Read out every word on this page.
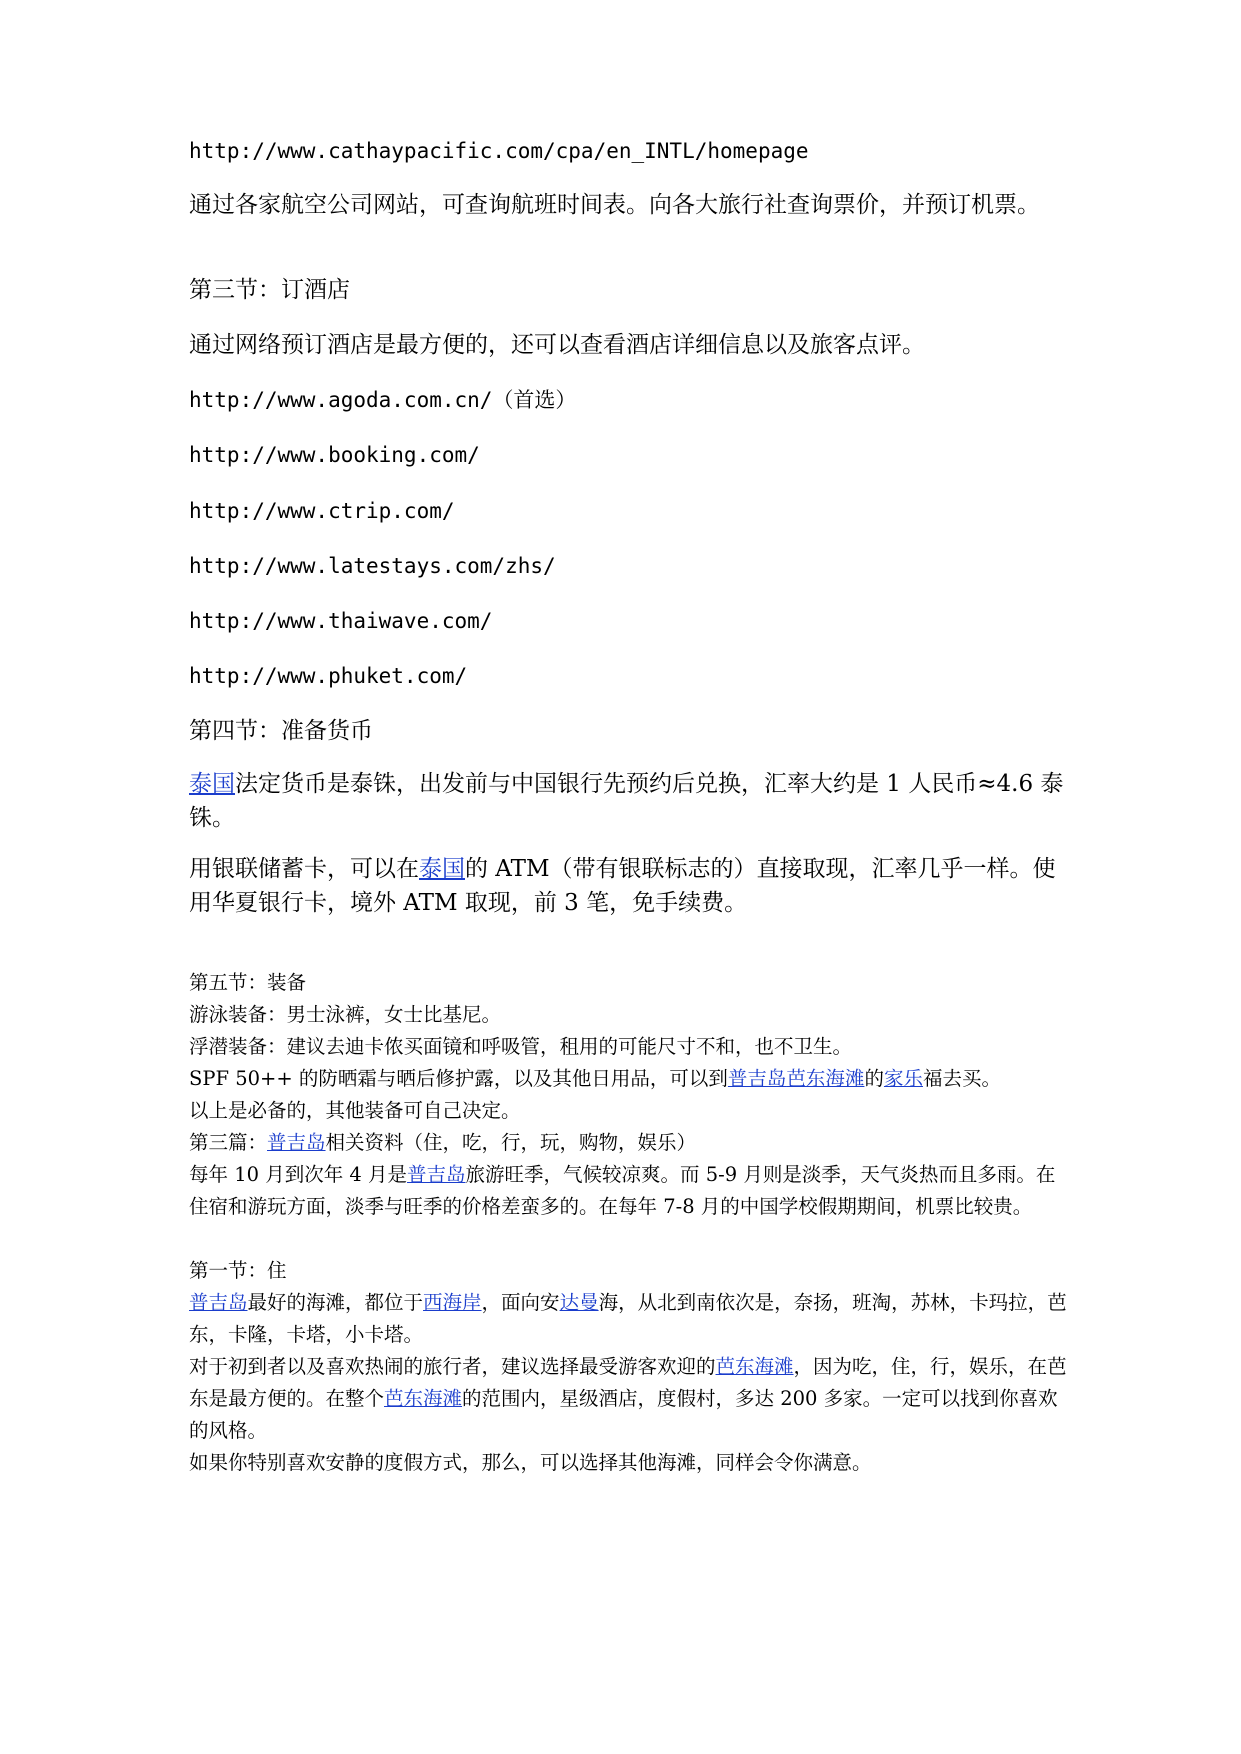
http://www.cathaypacific.com/cpa/en_INTL/homepage

通过各家航空公司网站，可查询航班时间表。向各大旅行社查询票价，并预订机票。

第三节：订酒店

通过网络预订酒店是最方便的，还可以查看酒店详细信息以及旅客点评。

http://www.agoda.com.cn/（首选）

http://www.booking.com/

http://www.ctrip.com/

http://www.latestays.com/zhs/

http://www.thaiwave.com/

http://www.phuket.com/

第四节：准备货币

泰国法定货币是泰铢，出发前与中国银行先预约后兑换，汇率大约是 1 人民币≈4.6 泰铢。

用银联储蓄卡，可以在泰国的 ATM（带有银联标志的）直接取现，汇率几乎一样。使用华夏银行卡，境外 ATM 取现，前 3 笔，免手续费。

第五节：装备

游泳装备：男士泳裤，女士比基尼。

浮潜装备：建议去迪卡侬买面镜和呼吸管，租用的可能尺寸不和，也不卫生。

SPF 50++ 的防晒霜与晒后修护露，以及其他日用品，可以到普吉岛芭东海滩的家乐福去买。

以上是必备的，其他装备可自己决定。

第三篇：普吉岛相关资料（住，吃，行，玩，购物，娱乐）

每年 10 月到次年 4 月是普吉岛旅游旺季，气候较凉爽。而 5-9 月则是淡季，天气炎热而且多雨。在住宿和游玩方面，淡季与旺季的价格差蛮多的。在每年 7-8 月的中国学校假期期间，机票比较贵。

第一节：住

普吉岛最好的海滩，都位于西海岸，面向安达曼海，从北到南依次是，奈扬，班淘，苏林，卡玛拉，芭东，卡隆，卡塔，小卡塔。

对于初到者以及喜欢热闹的旅行者，建议选择最受游客欢迎的芭东海滩，因为吃，住，行，娱乐，在芭东是最方便的。在整个芭东海滩的范围内，星级酒店，度假村，多达 200 多家。一定可以找到你喜欢的风格。

如果你特别喜欢安静的度假方式，那么，可以选择其他海滩，同样会令你满意。
